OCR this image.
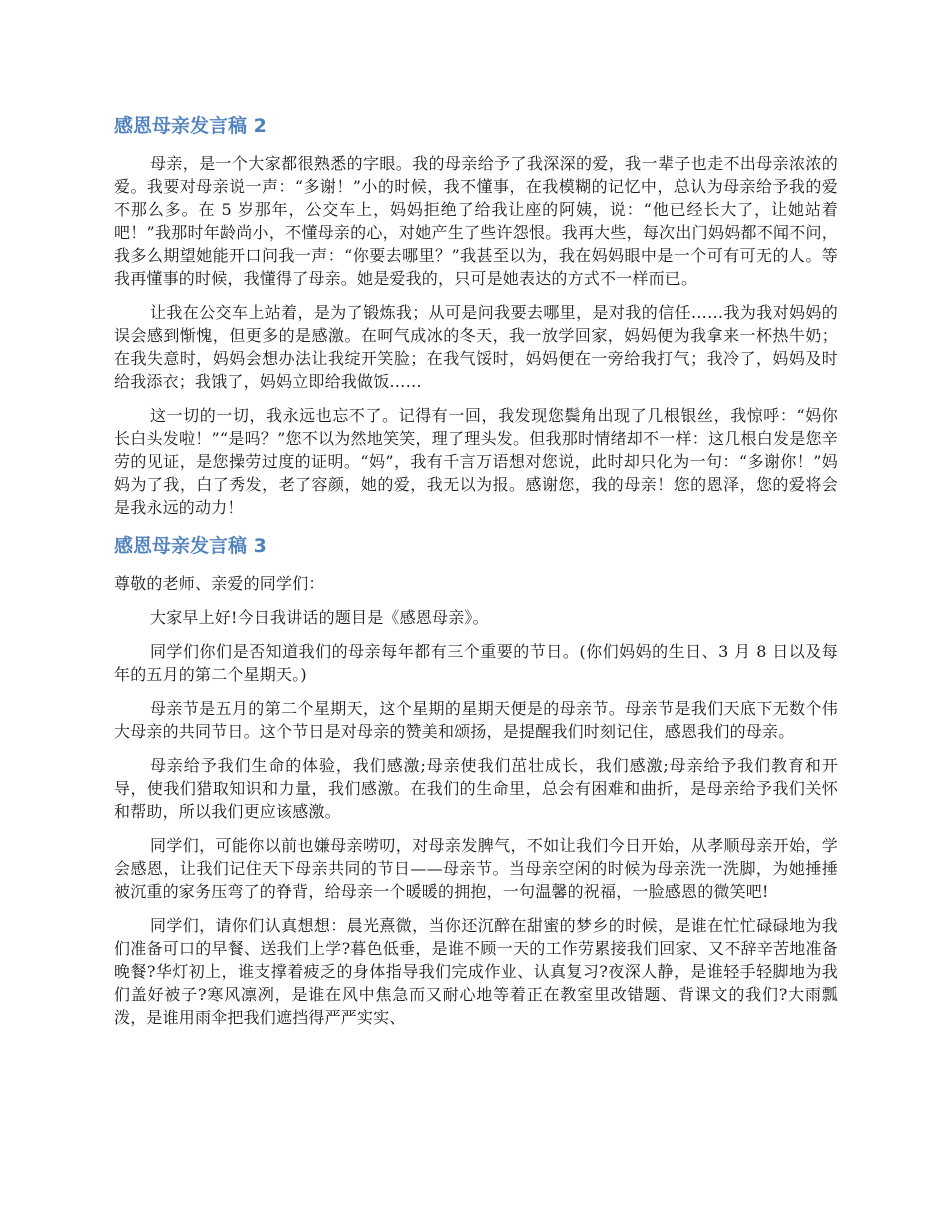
感恩母亲发言稿 2

母亲，是一个大家都很熟悉的字眼。我的母亲给予了我深深的爱，我一辈子也走不出母亲浓浓的爱。我要对母亲说一声：“多谢！”小的时候，我不懂事，在我模糊的记忆中，总认为母亲给予我的爱不那么多。在 5 岁那年，公交车上，妈妈拒绝了给我让座的阿姨，说：“他已经长大了，让她站着吧！”我那时年龄尚小，不懂母亲的心，对她产生了些许怨恨。我再大些，每次出门妈妈都不闻不问，我多么期望她能开口问我一声：“你要去哪里？”我甚至以为，我在妈妈眼中是一个可有可无的人。等我再懂事的时候，我懂得了母亲。她是爱我的，只可是她表达的方式不一样而已。

让我在公交车上站着，是为了锻炼我；从可是问我要去哪里，是对我的信任……我为我对妈妈的误会感到惭愧，但更多的是感激。在呵气成冰的冬天，我一放学回家，妈妈便为我拿来一杯热牛奶；在我失意时，妈妈会想办法让我绽开笑脸；在我气馁时，妈妈便在一旁给我打气；我冷了，妈妈及时给我添衣；我饿了，妈妈立即给我做饭……

这一切的一切，我永远也忘不了。记得有一回，我发现您鬓角出现了几根银丝，我惊呼：“妈你长白头发啦！”“是吗？”您不以为然地笑笑，理了理头发。但我那时情绪却不一样：这几根白发是您辛劳的见证，是您操劳过度的证明。“妈”，我有千言万语想对您说，此时却只化为一句：“多谢你！”妈妈为了我，白了秀发，老了容颜，她的爱，我无以为报。感谢您，我的母亲！您的恩泽，您的爱将会是我永远的动力！

感恩母亲发言稿 3

尊敬的老师、亲爱的同学们：

大家早上好!今日我讲话的题目是《感恩母亲》。

同学们你们是否知道我们的母亲每年都有三个重要的节日。(你们妈妈的生日、3 月 8 日以及每年的五月的第二个星期天。)

母亲节是五月的第二个星期天，这个星期的星期天便是的母亲节。母亲节是我们天底下无数个伟大母亲的共同节日。这个节日是对母亲的赞美和颂扬，是提醒我们时刻记住，感恩我们的母亲。

母亲给予我们生命的体验，我们感激;母亲使我们茁壮成长，我们感激;母亲给予我们教育和开导，使我们猎取知识和力量，我们感激。在我们的生命里，总会有困难和曲折，是母亲给予我们关怀和帮助，所以我们更应该感激。

同学们，可能你以前也嫌母亲唠叨，对母亲发脾气，不如让我们今日开始，从孝顺母亲开始，学会感恩，让我们记住天下母亲共同的节日——母亲节。当母亲空闲的时候为母亲洗一洗脚，为她捶捶被沉重的家务压弯了的脊背，给母亲一个暖暖的拥抱，一句温馨的祝福，一脸感恩的微笑吧!

同学们，请你们认真想想：晨光熹微，当你还沉醉在甜蜜的梦乡的时候，是谁在忙忙碌碌地为我们准备可口的早餐、送我们上学?暮色低垂，是谁不顾一天的工作劳累接我们回家、又不辞辛苦地准备晚餐?华灯初上，谁支撑着疲乏的身体指导我们完成作业、认真复习?夜深人静，是谁轻手轻脚地为我们盖好被子?寒风凛冽，是谁在风中焦急而又耐心地等着正在教室里改错题、背课文的我们?大雨瓢泼，是谁用雨伞把我们遮挡得严严实实、
